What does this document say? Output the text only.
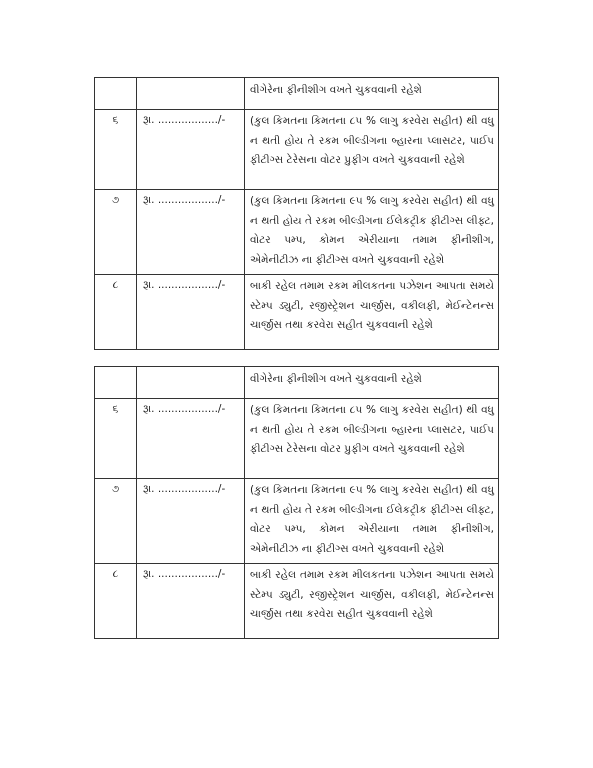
		વીગેરેના ફીનીશીગ વખતે ચુકવવાની રહેશે
૬	રૂા. ................../-	(કુલ કિમતના કિમતના ૮૫ % લાગુ કરવેરા સહીત) થી વધુ ન થતી હોય તે રકમ બીલ્ડીગના બ્હારના પ્લાસટર, પાઈપ ફીટીગ્સ ટેરેસના વોટર પ્રુફીગ વખતે ચુકવવાની રહેશે
૭	રૂા. ................../-	(કુલ કિમતના કિમતના ૯૫ % લાગુ કરવેરા સહીત) થી વધુ ન થતી હોય તે રકમ બીલ્ડીગના ઈલેકટ્રીક ફીટીગ્સ લીફ્ટ, વોટર પમ્પ, કોમન એરીયાના તમામ ફીનીશીગ, એમેનીટીઝ ના ફીટીગ્સ વખતે ચુકવવાની રહેશે
૮	રૂા. ................../-	બાકી રહેલ તમામ રકમ મીલકતના પઝેશન આપતા સમયે સ્ટેમ્પ ડ્યુટી, રજીસ્ટ્રેશન ચાર્જીસ, વકીલફી, મેઈન્ટેનન્સ ચાર્જીસ તથા કરવેરા સહીત ચુકવવાની રહેશે
		વીગેરેના ફીનીશીગ વખતે ચુકવવાની રહેશે
૬	રૂા. ................../-	(કુલ કિમતના કિમતના ૮૫ % લાગુ કરવેરા સહીત) થી વધુ ન થતી હોય તે રકમ બીલ્ડીગના બ્હારના પ્લાસટર, પાઈપ ફીટીગ્સ ટેરેસના વોટર પ્રુફીગ વખતે ચુકવવાની રહેશે
૭	રૂા. ................../-	(કુલ કિમતના કિમતના ૯૫ % લાગુ કરવેરા સહીત) થી વધુ ન થતી હોય તે રકમ બીલ્ડીગના ઈલેકટ્રીક ફીટીગ્સ લીફ્ટ, વોટર પમ્પ, કોમન એરીયાના તમામ ફીનીશીગ, એમેનીટીઝ ના ફીટીગ્સ વખતે ચુકવવાની રહેશે
૮	રૂા. ................../-	બાકી રહેલ તમામ રકમ મીલકતના પઝેશન આપતા સમયે સ્ટેમ્પ ડ્યુટી, રજીસ્ટ્રેશન ચાર્જીસ, વકીલફી, મેઈન્ટેનન્સ ચાર્જીસ તથા કરવેરા સહીત ચુકવવાની રહેશે
